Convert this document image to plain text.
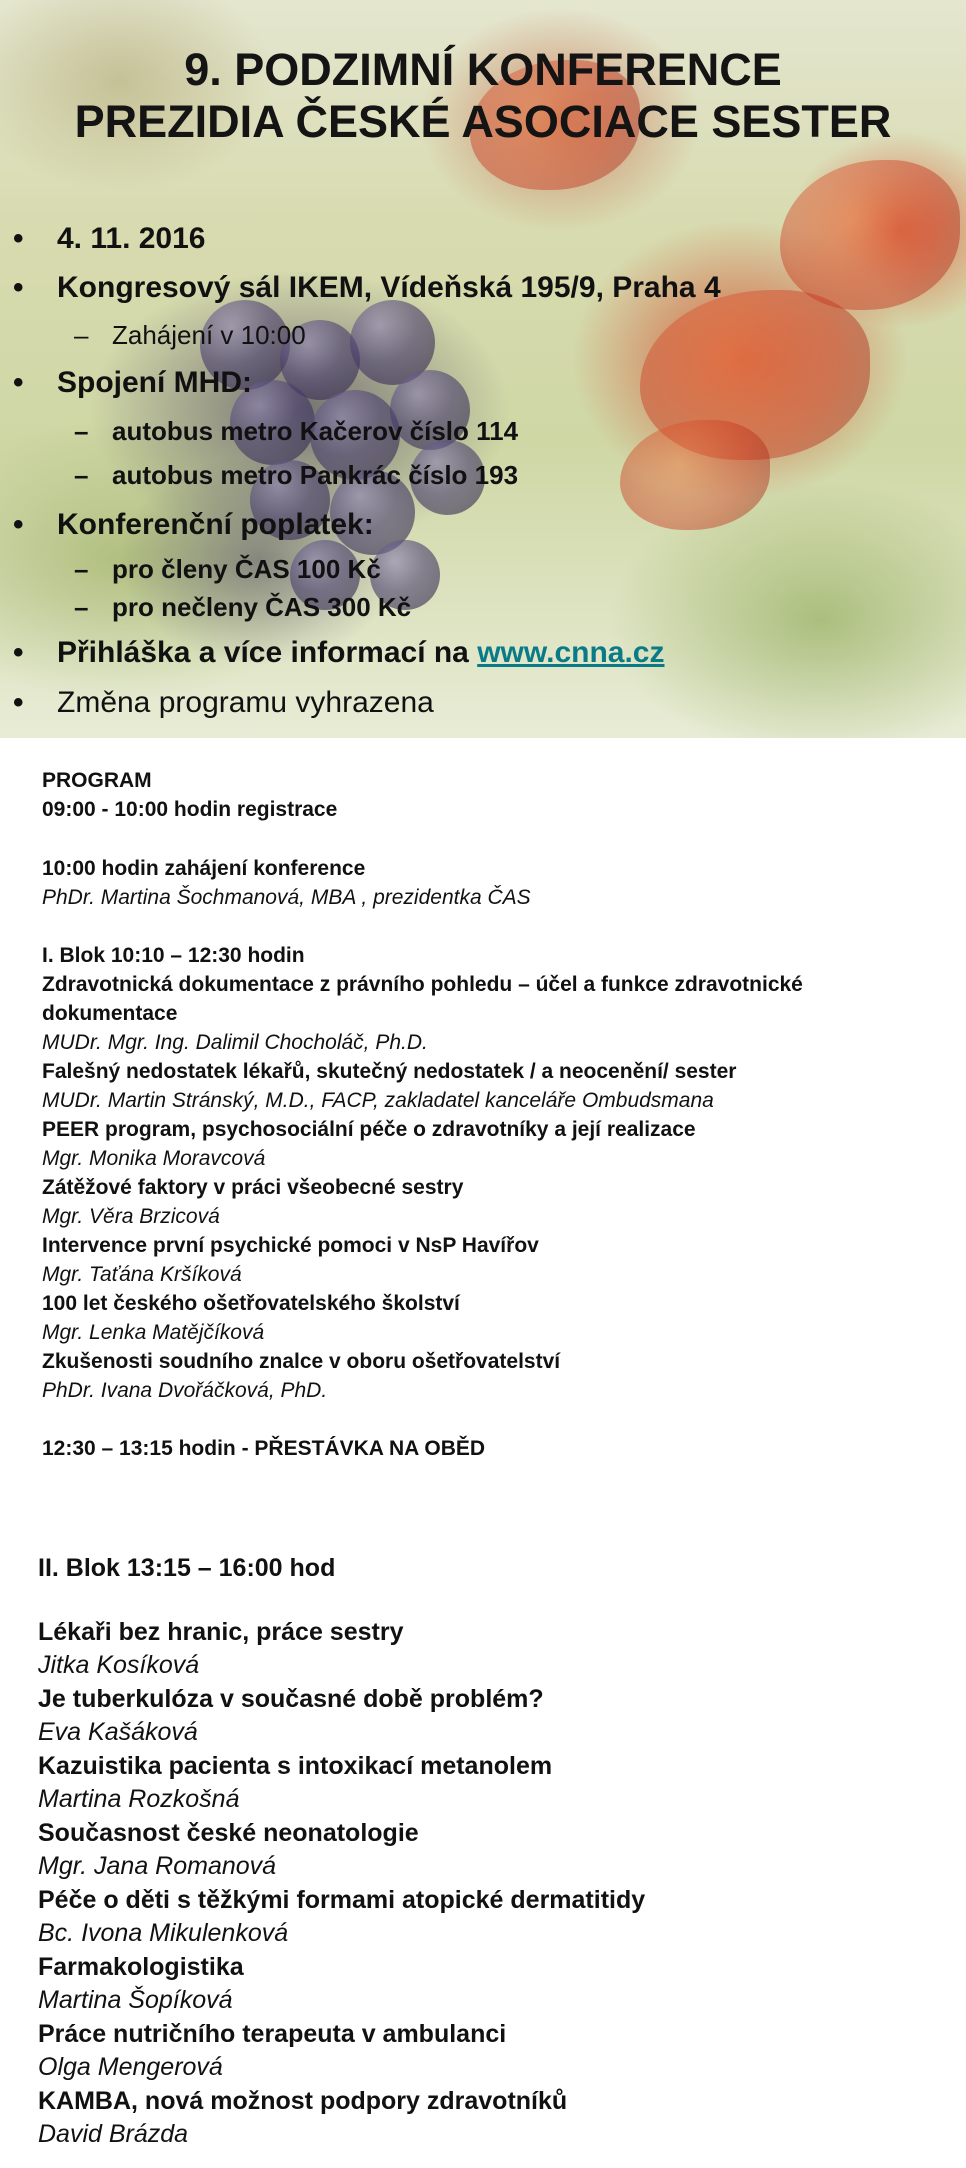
9. PODZIMNÍ KONFERENCE
PREZIDIA ČESKÉ ASOCIACE SESTER
• 4. 11. 2016
• Kongresový sál IKEM, Vídeňská 195/9, Praha 4
– Zahájení v 10:00
• Spojení MHD:
– autobus metro Kačerov číslo 114
– autobus metro Pankrác číslo 193
• Konferenční poplatek:
– pro členy ČAS 100 Kč
– pro nečleny ČAS 300 Kč
• Přihláška a více informací na www.cnna.cz
• Změna programu vyhrazena
PROGRAM
09:00 - 10:00 hodin registrace
10:00 hodin zahájení konference
PhDr. Martina Šochmanová, MBA , prezidentka ČAS
I. Blok 10:10 – 12:30 hodin
Zdravotnická dokumentace z právního pohledu – účel a funkce zdravotnické
dokumentace
MUDr. Mgr. Ing. Dalimil Chocholáč, Ph.D.
Falešný nedostatek lékařů, skutečný nedostatek / a neocenění/ sester
MUDr. Martin Stránský, M.D., FACP, zakladatel kanceláře Ombudsmana
PEER program, psychosociální péče o zdravotníky a její realizace
Mgr. Monika Moravcová
Zátěžové faktory v práci všeobecné sestry
Mgr. Věra Brzicová
Intervence první psychické pomoci v NsP Havířov
Mgr. Taťána Kršíková
100 let českého ošetřovatelského školství
Mgr. Lenka Matějčíková
Zkušenosti soudního znalce v oboru ošetřovatelství
PhDr. Ivana Dvořáčková, PhD.
12:30 – 13:15 hodin - PŘESTÁVKA NA OBĚD
II. Blok 13:15 – 16:00 hod
Lékaři bez hranic, práce sestry
Jitka Kosíková
Je tuberkulóza v současné době problém?
Eva Kašáková
Kazuistika pacienta s intoxikací metanolem
Martina Rozkošná
Současnost české neonatologie
Mgr. Jana Romanová
Péče o děti s těžkými formami atopické dermatitidy
Bc. Ivona Mikulenková
Farmakologistika
Martina Šopíková
Práce nutričního terapeuta v ambulanci
Olga Mengerová
KAMBA, nová možnost podpory zdravotníků
David Brázda
